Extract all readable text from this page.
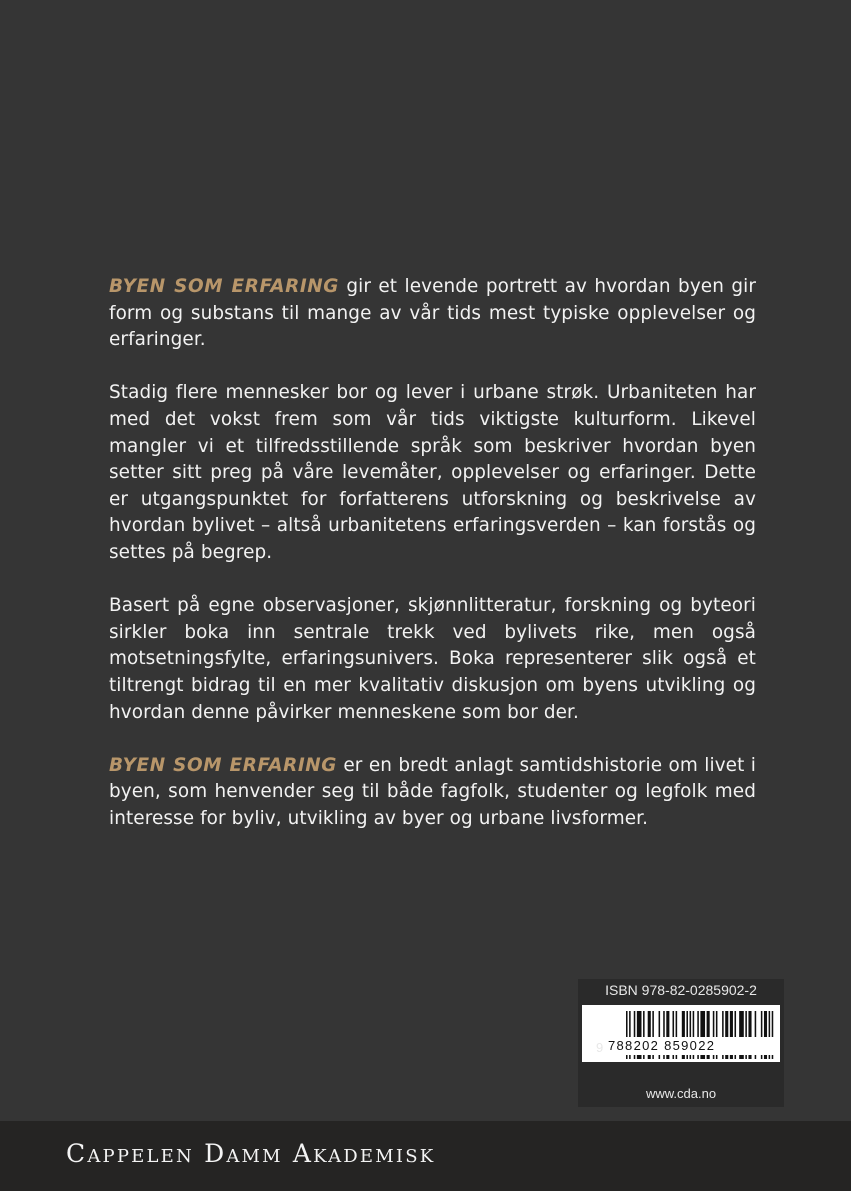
BYEN SOM ERFARING gir et levende portrett av hvordan byen gir form og substans til mange av vår tids mest typiske opplevelser og erfaringer.

Stadig flere mennesker bor og lever i urbane strøk. Urbaniteten har med det vokst frem som vår tids viktigste kulturform. Likevel mangler vi et tilfredsstillende språk som beskriver hvordan byen setter sitt preg på våre levemåter, opplevelser og erfaringer. Dette er utgangspunktet for forfatterens utforskning og beskrivelse av hvordan bylivet – altså urbanitetens erfaringsverden – kan forstås og settes på begrep.

Basert på egne observasjoner, skjønnlitteratur, forskning og byteori sirkler boka inn sentrale trekk ved bylivets rike, men også motsetningsfylte, erfaringsunivers. Boka representerer slik også et tiltrengt bidrag til en mer kvalitativ diskusjon om byens utvikling og hvordan denne påvirker menneskene som bor der.

BYEN SOM ERFARING er en bredt anlagt samtidshistorie om livet i byen, som henvender seg til både fagfolk, studenter og legfolk med interesse for byliv, utvikling av byer og urbane livsformer.

ISBN 978-82-0285902-2
9 788202 859022
www.cda.no
Cappelen Damm Akademisk
